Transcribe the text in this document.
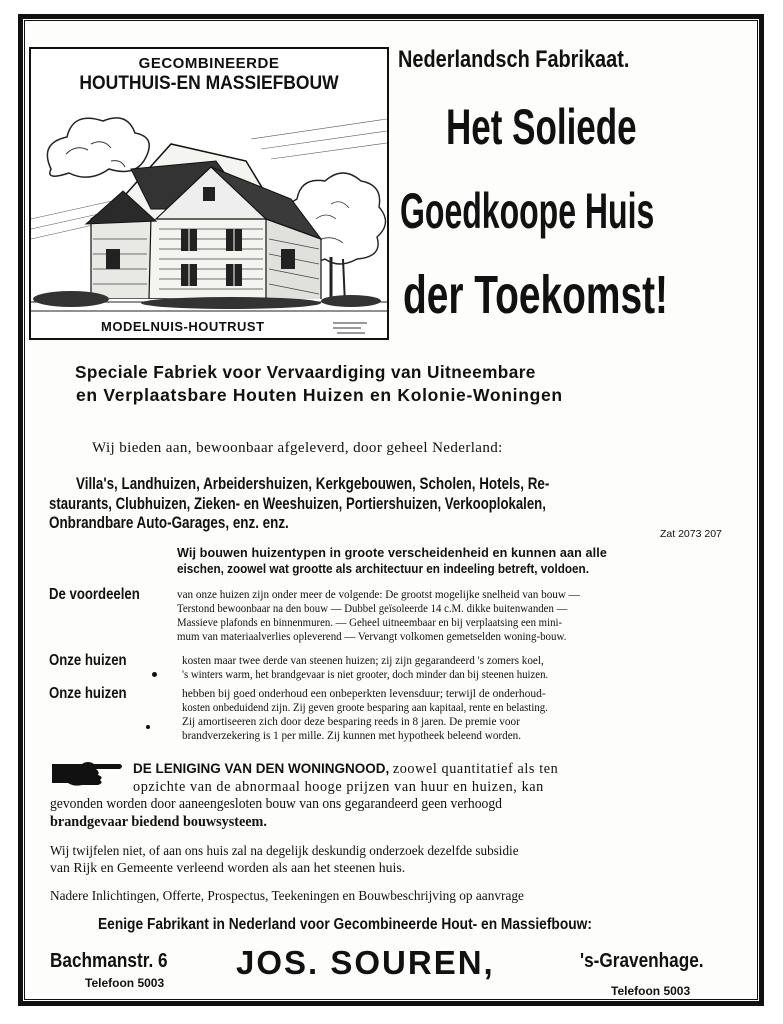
GECOMBINEERDE
HOUTHUIS-EN MASSIEFBOUW
MODELNUIS-HOUTRUST
Nederlandsch Fabrikaat.
Het Soliede
Goedkoope Huis
der Toekomst!
Speciale Fabriek voor Vervaardiging van Uitneembare
en Verplaatsbare Houten Huizen en Kolonie-Woningen
Wij bieden aan, bewoonbaar afgeleverd, door geheel Nederland:
Villa's, Landhuizen, Arbeidershuizen, Kerkgebouwen, Scholen, Hotels, Re-
staurants, Clubhuizen, Zieken- en Weeshuizen, Portiershuizen, Verkooplokalen,
Onbrandbare Auto-Garages, enz. enz.
Zat 2073 207
Wij bouwen huizentypen in groote verscheidenheid en kunnen aan alle
eischen, zoowel wat grootte als architectuur en indeeling betreft, voldoen.
De voordeelen	van onze huizen zijn onder meer de volgende: De grootst mogelijke snelheid van bouw —
Terstond bewoonbaar na den bouw — Dubbel geïsoleerde 14 c.M. dikke buitenwanden —
Massieve plafonds en binnenmuren. — Geheel uitneembaar en bij verplaatsing een mini-
mum van materiaalverlies opleverend — Vervangt volkomen gemetselden woning-bouw.
Onze huizen	kosten maar twee derde van steenen huizen; zij zijn gegarandeerd 's zomers koel,
's winters warm, het brandgevaar is niet grooter, doch minder dan bij steenen huizen.
Onze huizen	hebben bij goed onderhoud een onbeperkten levensduur; terwijl de onderhoud-
kosten onbeduidend zijn. Zij geven groote besparing aan kapitaal, rente en belasting.
Zij amortiseeren zich door deze besparing reeds in 8 jaren. De premie voor
brandverzekering is 1 per mille. Zij kunnen met hypotheek beleend worden.
DE LENIGING VAN DEN WONINGNOOD, zoowel quantitatief als ten
opzichte van de abnormaal hooge prijzen van huur en huizen, kan
gevonden worden door aaneengesloten bouw van ons gegarandeerd geen verhoogd
brandgevaar biedend bouwsysteem.
Wij twijfelen niet, of aan ons huis zal na degelijk deskundig onderzoek dezelfde subsidie
van Rijk en Gemeente verleend worden als aan het steenen huis.
Nadere Inlichtingen, Offerte, Prospectus, Teekeningen en Bouwbeschrijving op aanvrage
Eenige Fabrikant in Nederland voor Gecombineerde Hout- en Massiefbouw:
Bachmanstr. 6
Telefoon 5003
JOS. SOUREN,	's-Gravenhage.
Telefoon 5003
